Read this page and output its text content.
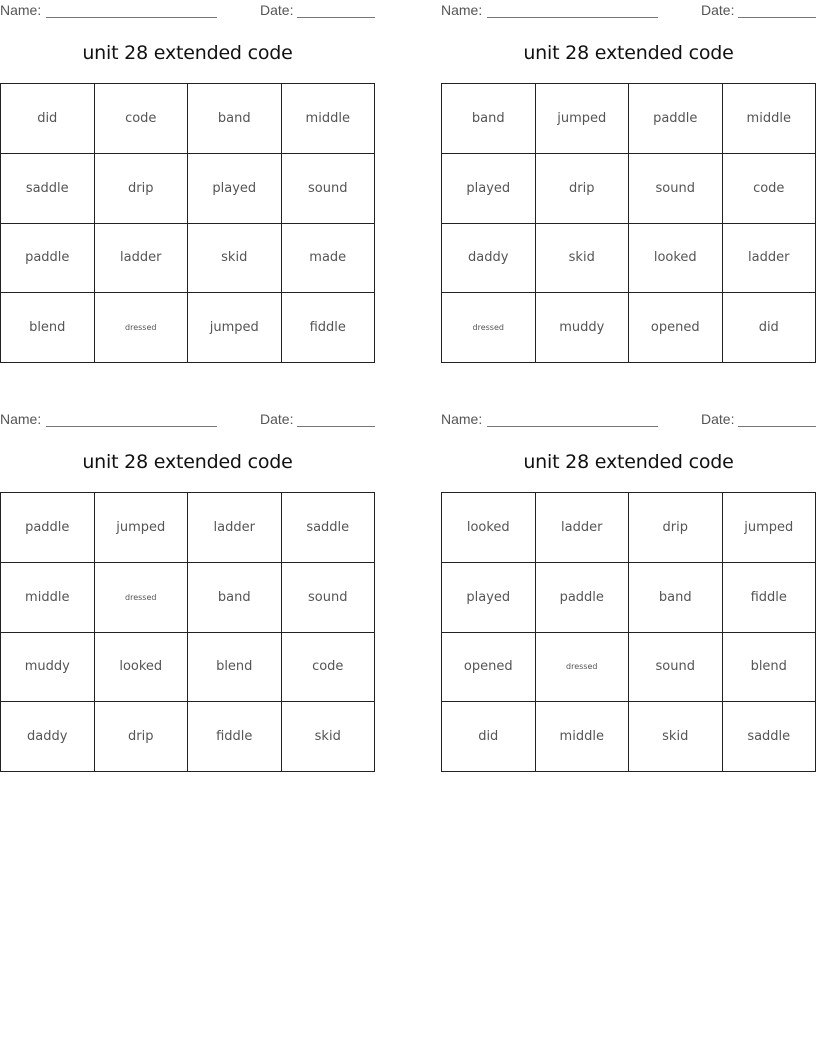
Name:	Date:
unit 28 extended code
did	code	band	middle
saddle	drip	played	sound
paddle	ladder	skid	made
blend	dressed	jumped	fiddle
Name:	Date:
unit 28 extended code
band	jumped	paddle	middle
played	drip	sound	code
daddy	skid	looked	ladder
dressed	muddy	opened	did
Name:	Date:
unit 28 extended code
paddle	jumped	ladder	saddle
middle	dressed	band	sound
muddy	looked	blend	code
daddy	drip	fiddle	skid
Name:	Date:
unit 28 extended code
looked	ladder	drip	jumped
played	paddle	band	fiddle
opened	dressed	sound	blend
did	middle	skid	saddle
